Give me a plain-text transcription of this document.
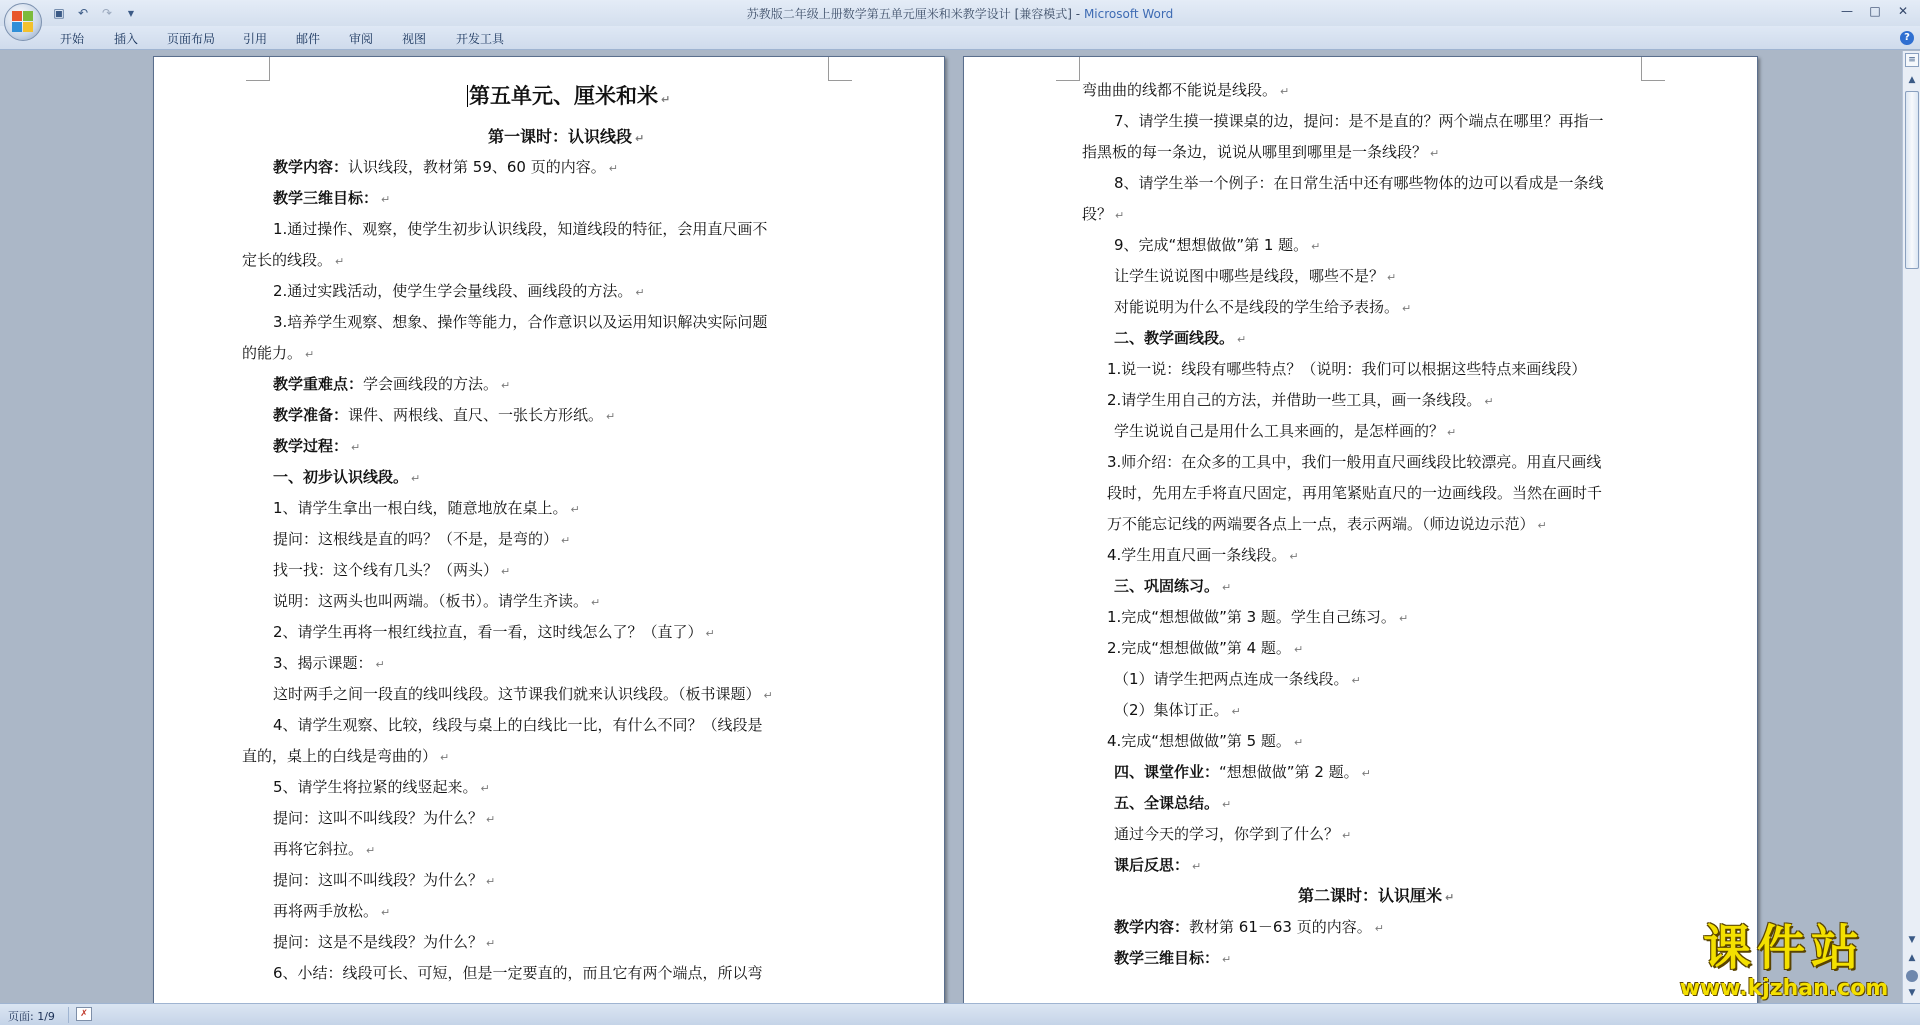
▣	↶	↷	▼	苏教版二年级上册数学第五单元厘米和米教学设计 [兼容模式] - Microsoft Word	—	□	✕
开始 插入 页面布局 引用 邮件 审阅 视图 开发工具	?
第五单元、厘米和米 ↵
第一课时：认识线段 ↵
教学内容：认识线段，教材第 59、60 页的内容。 ↵
教学三维目标： ↵
1.通过操作、观察，使学生初步认识线段，知道线段的特征，会用直尺画不
定长的线段。 ↵
2.通过实践活动，使学生学会量线段、画线段的方法。 ↵
3.培养学生观察、想象、操作等能力，合作意识以及运用知识解决实际问题
的能力。 ↵
教学重难点：学会画线段的方法。 ↵
教学准备：课件、两根线、直尺、一张长方形纸。 ↵
教学过程： ↵
一、初步认识线段。 ↵
1、请学生拿出一根白线，随意地放在桌上。 ↵
提问：这根线是直的吗？（不是，是弯的） ↵
找一找：这个线有几头？（两头） ↵
说明：这两头也叫两端。（板书）。请学生齐读。 ↵
2、请学生再将一根红线拉直，看一看，这时线怎么了？（直了） ↵
3、揭示课题： ↵
这时两手之间一段直的线叫线段。这节课我们就来认识线段。（板书课题） ↵
4、请学生观察、比较，线段与桌上的白线比一比，有什么不同？（线段是
直的，桌上的白线是弯曲的） ↵
5、请学生将拉紧的线竖起来。 ↵
提问：这叫不叫线段？为什么？ ↵
再将它斜拉。 ↵
提问：这叫不叫线段？为什么？ ↵
再将两手放松。 ↵
提问：这是不是线段？为什么？ ↵
6、小结：线段可长、可短，但是一定要直的，而且它有两个端点，所以弯
弯曲曲的线都不能说是线段。 ↵
7、请学生摸一摸课桌的边，提问：是不是直的？两个端点在哪里？再指一
指黑板的每一条边，说说从哪里到哪里是一条线段？ ↵
8、请学生举一个例子：在日常生活中还有哪些物体的边可以看成是一条线
段？ ↵
9、完成“想想做做”第 1 题。 ↵
让学生说说图中哪些是线段，哪些不是？ ↵
对能说明为什么不是线段的学生给予表扬。 ↵
二、教学画线段。 ↵
1.说一说：线段有哪些特点？（说明：我们可以根据这些特点来画线段）
2.请学生用自己的方法，并借助一些工具，画一条线段。 ↵
学生说说自己是用什么工具来画的，是怎样画的？ ↵
3.师介绍：在众多的工具中，我们一般用直尺画线段比较漂亮。用直尺画线
段时，先用左手将直尺固定，再用笔紧贴直尺的一边画线段。当然在画时千
万不能忘记线的两端要各点上一点，表示两端。（师边说边示范） ↵
4.学生用直尺画一条线段。 ↵
三、巩固练习。 ↵
1.完成“想想做做”第 3 题。学生自己练习。 ↵
2.完成“想想做做”第 4 题。 ↵
（1）请学生把两点连成一条线段。 ↵
（2）集体订正。 ↵
4.完成“想想做做”第 5 题。 ↵
四、课堂作业：“想想做做”第 2 题。 ↵
五、全课总结。 ↵
通过今天的学习，你学到了什么？ ↵
课后反思： ↵
第二课时：认识厘米 ↵
教学内容：教材第 61－63 页的内容。 ↵
教学三维目标： ↵
≡
▲
▼
▲
▼
课件站
www.kjzhan.com
页面: 1/9	✗
